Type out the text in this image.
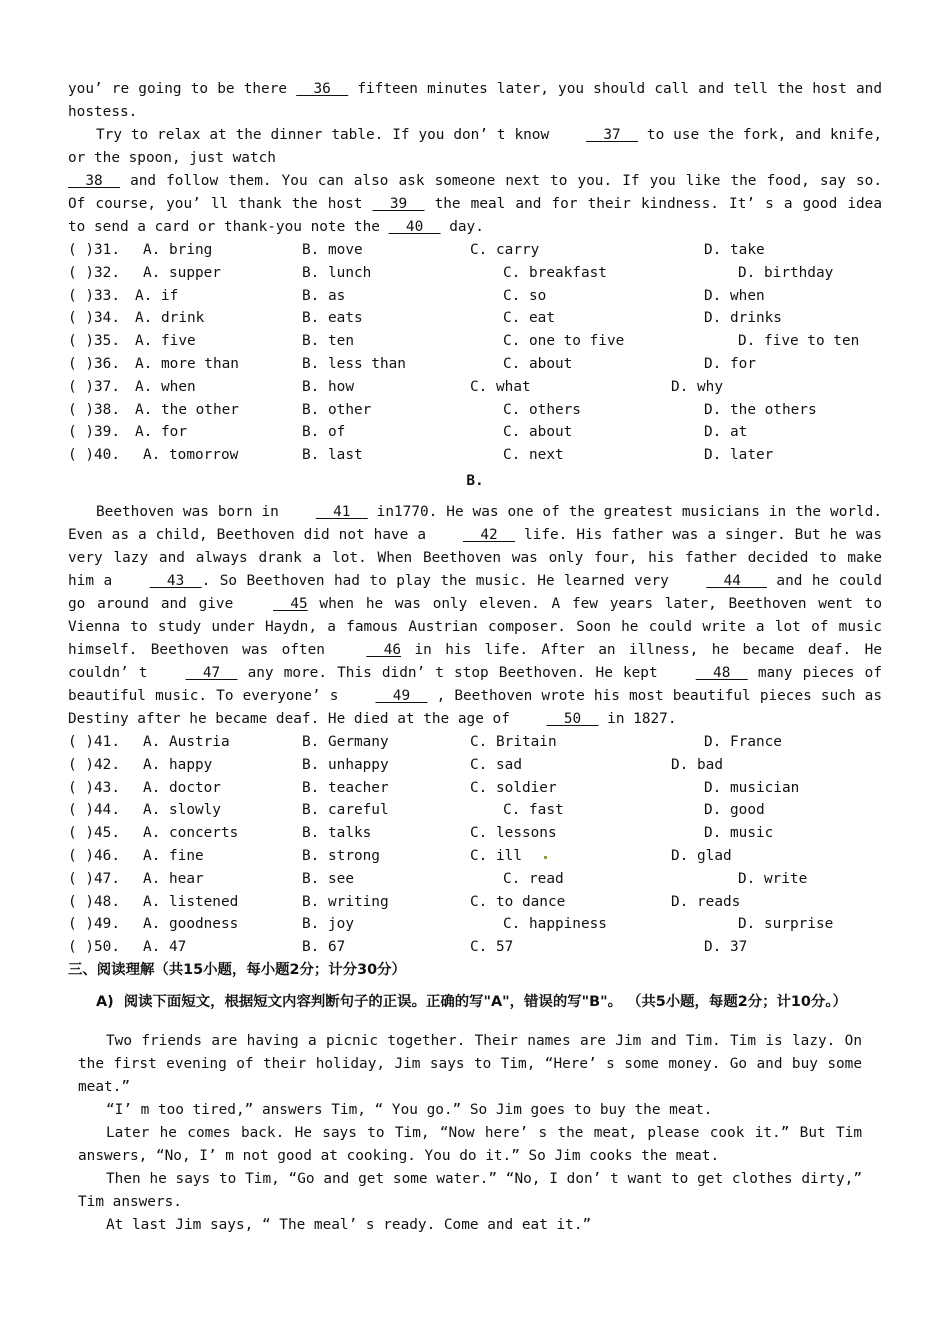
you’ re going to be there   36   fifteen minutes later, you should call and tell the host and hostess.

Try to relax at the dinner table. If you don’ t know   37   to use the fork, and knife, or the spoon, just watch

38   and follow them. You can also ask someone next to you. If you like the food, say so. Of course, you’ ll thank the host   39   the meal and for their kindness. It’ s a good idea to send a card or thank-you note the   40   day.

( )31. A. bring	B. move	C. carry	D. take
( )32. A. supper	B. lunch	C. breakfast	D. birthday
( )33. A. if	B. as	C. so	D. when
( )34. A. drink	B. eats	C. eat	D. drinks
( )35. A. five	B. ten	C. one to five	D. five to ten
( )36. A. more than	B. less than	C. about	D. for
( )37. A. when	B. how	C. what	D. why
( )38. A. the other	B. other	C. others	D. the others
( )39. A. for	B. of	C. about	D. at
( )40. A. tomorrow	B. last	C. next	D. later
B.

Beethoven was born in   41   in1770. He was one of the greatest musicians in the world. Even as a child, Beethoven did not have a   42   life. His father was a singer. But he was very lazy and always drank a lot. When Beethoven was only four, his father decided to make him a   43  . So Beethoven had to play the music. He learned very   44    and he could go around and give   45 when he was only eleven. A few years later, Beethoven went to Vienna to study under Haydn, a famous Austrian composer. Soon he could write a lot of music himself. Beethoven was often   46 in his life. After an illness, he became deaf. He couldn’ t   47   any more. This didn’ t stop Beethoven. He kept   48   many pieces of beautiful music. To everyone’ s   49   , Beethoven wrote his most beautiful pieces such as Destiny after he became deaf. He died at the age of   50   in 1827.

( )41. A. Austria	B. Germany	C. Britain	D. France
( )42. A. happy	B. unhappy	C. sad	D. bad
( )43. A. doctor	B. teacher	C. soldier	D. musician
( )44. A. slowly	B. careful	C. fast	D. good
( )45. A. concerts	B. talks	C. lessons	D. music
( )46. A. fine	B. strong	C. ill	D. glad
( )47. A. hear	B. see	C. read	D. write
( )48. A. listened	B. writing	C. to dance	D. reads
( )49. A. goodness	B. joy	C. happiness	D. surprise
( )50. A. 47	B. 67	C. 57	D. 37
三、阅读理解（共15小题，每小题2分；计分30分）
A) 阅读下面短文，根据短文内容判断句子的正误。正确的写"A"，错误的写"B"。 （共5小题，每题2分；计10分。）

Two friends are having a picnic together. Their names are Jim and Tim. Tim is lazy. On the first evening of their holiday, Jim says to Tim, “Here’ s some money. Go and buy some meat.”

“I’ m too tired,” answers Tim, “ You go.” So Jim goes to buy the meat.

Later he comes back. He says to Tim, “Now here’ s the meat, please cook it.” But Tim answers, “No, I’ m not good at cooking. You do it.” So Jim cooks the meat.

Then he says to Tim, “Go and get some water.” “No, I don’ t want to get clothes dirty,” Tim answers.

At last Jim says, “ The meal’ s ready. Come and eat it.”
